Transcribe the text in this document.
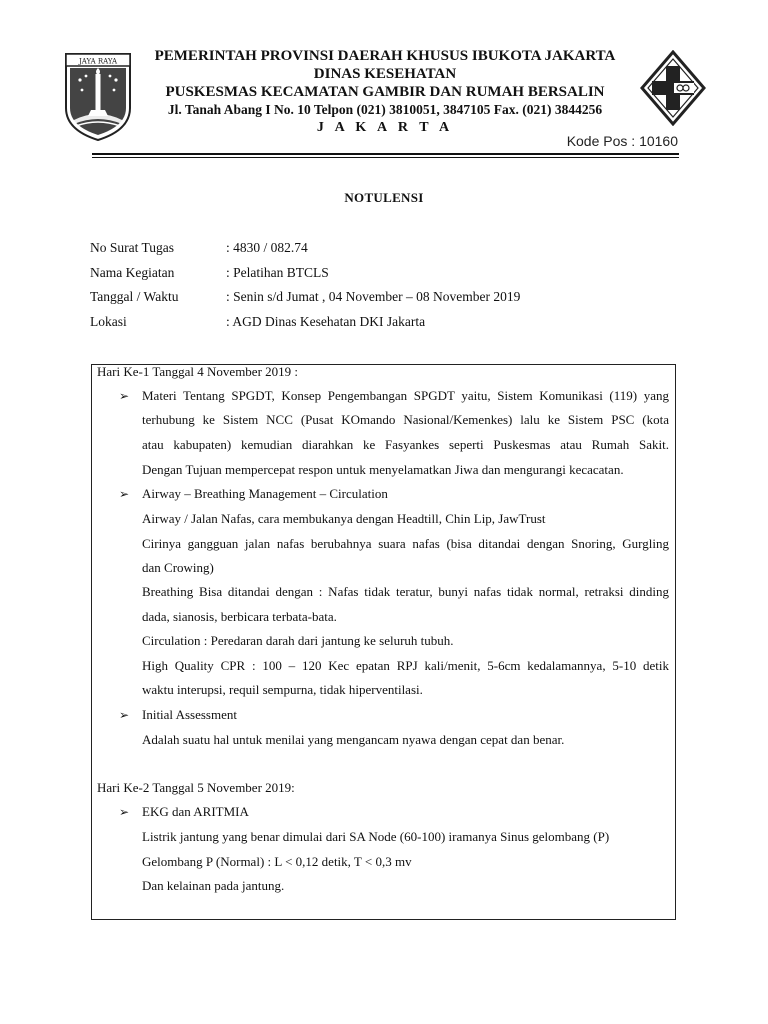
JAYA RAYA	PEMERINTAH PROVINSI DAERAH KHUSUS IBUKOTA JAKARTA
DINAS KESEHATAN
PUSKESMAS KECAMATAN GAMBIR DAN RUMAH BERSALIN
Jl. Tanah Abang I No. 10 Telpon (021) 3810051, 3847105 Fax. (021) 3844256
J A K A R T A
Kode Pos : 10160
NOTULENSI
No Surat Tugas	: 4830 / 082.74
Nama Kegiatan	: Pelatihan BTCLS
Tanggal / Waktu	: Senin s/d Jumat , 04 November – 08 November 2019
Lokasi	: AGD Dinas Kesehatan DKI Jakarta
Hari Ke-1 Tanggal 4 November 2019 :
➢ Materi Tentang SPGDT, Konsep Pengembangan SPGDT yaitu, Sistem Komunikasi (119) yang
terhubung ke Sistem NCC (Pusat KOmando Nasional/Kemenkes) lalu ke Sistem PSC (kota
atau kabupaten) kemudian diarahkan ke Fasyankes seperti Puskesmas atau Rumah Sakit.
Dengan Tujuan mempercepat respon untuk menyelamatkan Jiwa dan mengurangi kecacatan.
➢ Airway – Breathing Management – Circulation
Airway / Jalan Nafas, cara membukanya dengan Headtill, Chin Lip, JawTrust
Cirinya gangguan jalan nafas berubahnya suara nafas (bisa ditandai dengan Snoring, Gurgling
dan Crowing)
Breathing Bisa ditandai dengan : Nafas tidak teratur, bunyi nafas tidak normal, retraksi dinding
dada, sianosis, berbicara terbata-bata.
Circulation : Peredaran darah dari jantung ke seluruh tubuh.
High Quality CPR : 100 – 120 Kec epatan RPJ kali/menit, 5-6cm kedalamannya, 5-10 detik
waktu interupsi, requil sempurna, tidak hiperventilasi.
➢ Initial Assessment
Adalah suatu hal untuk menilai yang mengancam nyawa dengan cepat dan benar.
Hari Ke-2 Tanggal 5 November 2019:
➢ EKG dan ARITMIA
Listrik jantung yang benar dimulai dari SA Node (60-100) iramanya Sinus gelombang (P)
Gelombang P (Normal) : L < 0,12 detik, T < 0,3 mv
Dan kelainan pada jantung.
